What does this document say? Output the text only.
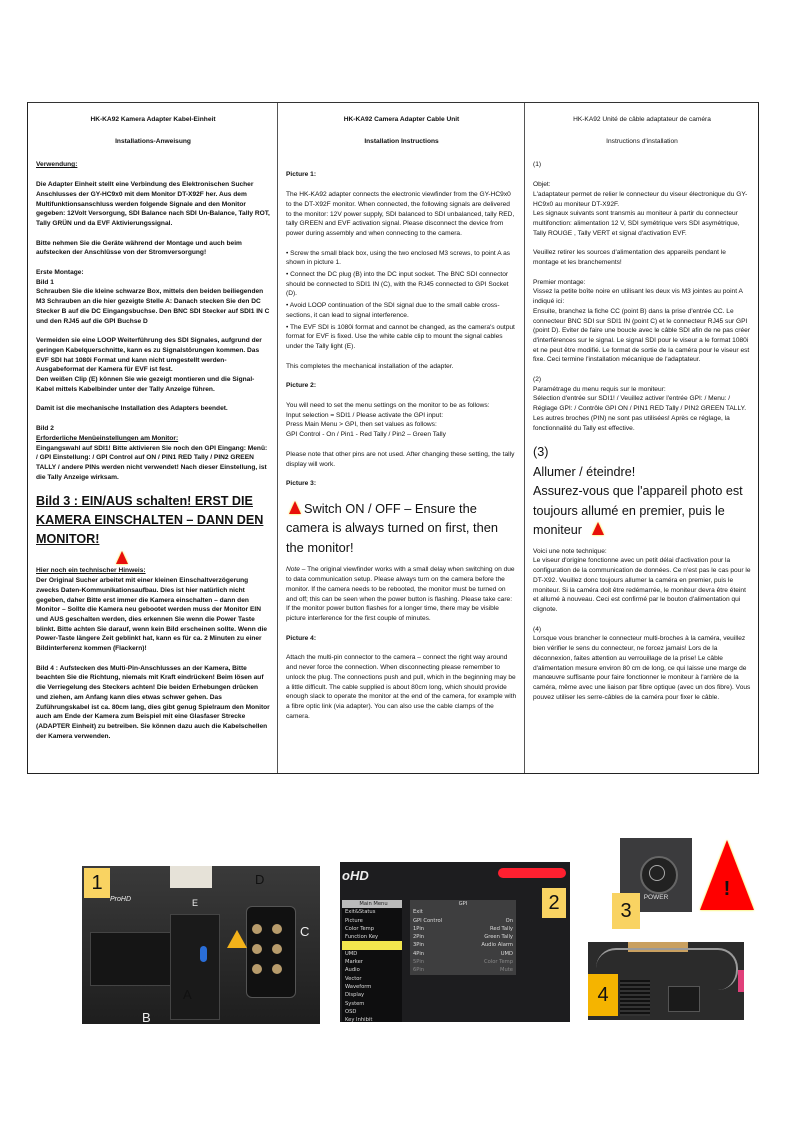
HK-KA92 Kamera Adapter Kabel-Einheit
Installations-Anweisung

Verwendung:

Die Adapter Einheit stellt eine Verbindung des Elektronischen Sucher Anschlusses der GY-HC9x0 mit dem Monitor DT-X92F her. Aus dem Multifunktionsanschluss werden folgende Signale and den Monitor gegeben: 12Volt Versorgung, SDI Balance nach SDI Un-Balance, Tally ROT, Tally GRÜN und da EVF Aktivierungssignal.

Bitte nehmen Sie die Geräte während der Montage und auch beim aufstecken der Anschlüsse von der Stromversorgung!

Erste Montage:
Bild 1

Schrauben Sie die kleine schwarze Box, mittels den beiden beiliegenden M3 Schrauben an die hier gezeigte Stelle A: Danach stecken Sie den DC Stecker B auf die DC Eingangsbuchse. Den BNC SDI Stecker auf SDI1 IN C und den RJ45 auf die GPI Buchse D

Vermeiden sie eine LOOP Weiterführung des SDI Signales, aufgrund der geringen Kabelquerschnitte, kann es zu Signalstörungen kommen. Das EVF SDI hat 1080i Format und kann nicht umgestellt werden-Ausgabeformat der Kamera für EVF ist fest.

Den weißen Clip (E) können Sie wie gezeigt montieren und die Signal-Kabel mittels Kabelbinder unter der Tally Anzeige führen.

Damit ist die mechanische Installation des Adapters beendet.

Bild 2
Erforderliche Menüeinstellungen am Monitor:

Eingangswahl auf SDI1! Bitte aktivieren Sie noch den GPI Eingang: Menü: / GPI Einstellung: / GPI Control auf ON / PIN1 RED Tally / PIN2 GREEN TALLY / andere PINs werden nicht verwendet! Nach dieser Einstellung, ist die Tally Anzeige wirksam.

Bild 3 : EIN/AUS schalten! ERST DIE KAMERA EINSCHALTEN – DANN DEN MONITOR!
Hier noch ein technischer Hinweis:

Der Original Sucher arbeitet mit einer kleinen Einschaltverzögerung zwecks Daten-Kommunikationsaufbau. Dies ist hier natürlich nicht gegeben, daher Bitte erst immer die Kamera einschalten – dann den Monitor – Sollte die Kamera neu gebootet werden muss der Monitor EIN und AUS geschalten werden, dies erkennen Sie wenn die Power Taste blinkt. Bitte achten Sie darauf, wenn kein Bild erscheinen sollte. Wenn die Power-Taste längere Zeit geblinkt hat, kann es für ca. 2 Minuten zu einer Bildinterferenz kommen (Flackern)!

Bild 4 : Aufstecken des Multi-Pin-Anschlusses an der Kamera, Bitte beachten Sie die Richtung, niemals mit Kraft eindrücken! Beim lösen auf die Verriegelung des Steckers achten! Die beiden Erhebungen drücken und ziehen, am Anfang kann dies etwas schwer gehen. Das Zuführungskabel ist ca. 80cm lang, dies gibt genug Spielraum den Monitor auch am Ende der Kamera zum Beispiel mit eine Glasfaser Strecke (ADAPTER Einheit) zu betreiben. Sie können dazu auch die Kabelschellen der Kamera verwenden.

HK-KA92 Camera Adapter Cable Unit
Installation Instructions
Picture 1:

The HK-KA92 adapter connects the electronic viewfinder from the GY-HC9x0 to the DT-X92F monitor. When connected, the following signals are delivered to the monitor: 12V power supply, SDI balanced to SDI unbalanced, tally RED, tally GREEN and EVF activation signal. Please disconnect the device from power during assembly and when connecting to the camera.

• Screw the small black box, using the two enclosed M3 screws, to point A as shown in picture 1.
• Connect the DC plug (B) into the DC input socket. The BNC SDI connector should be connected to SDI1 IN (C), with the RJ45 connected to GPI Socket (D).
• Avoid LOOP continuation of the SDI signal due to the small cable cross-sections, it can lead to signal interference.
• The EVF SDI is 1080i format and cannot be changed, as the camera's output format for EVF is fixed. Use the white cable clip to mount the signal cables under the Tally light (E).

This completes the mechanical installation of the adapter.

Picture 2:
You will need to set the menu settings on the monitor to be as follows:
Input selection = SDI1 / Please activate the GPI input:
Press Main Menu > GPI, then set values as follows:

GPI Control - On / Pin1 - Red Tally / Pin2 – Green Tally

Please note that other pins are not used. After changing these setting, the tally display will work.

Picture 3:
Switch ON / OFF – Ensure the camera is always turned on first, then the monitor!

Note – The original viewfinder works with a small delay when switching on due to data communication setup. Please always turn on the camera before the monitor. If the camera needs to be rebooted, the monitor must be turned on and off; this can be seen when the power button is flashing. Please take care: If the monitor power button flashes for a longer time, there may be visible picture interference for the first couple of minutes.

Picture 4:

Attach the multi-pin connector to the camera – connect the right way around and never force the connection. When disconnecting please remember to unlock the plug. The connections push and pull, which in the beginning may be a little difficult. The cable supplied is about 80cm long, which should provide enough slack to operate the monitor at the end of the camera, for example with a fibre optic link (via adapter). You can also use the cable clamps of the camera.

HK-KA92 Unité de câble adaptateur de caméra
Instructions d'installation

(1)

Objet:
L'adaptateur permet de relier le connecteur du viseur électronique du GY-HC9x0 au moniteur DT-X92F.

Les signaux suivants sont transmis au moniteur à partir du connecteur multifonction: alimentation 12 V, SDI symétrique vers SDI asymétrique, Tally ROUGE , Tally VERT et signal d'activation EVF.

Veuillez retirer les sources d'alimentation des appareils pendant le montage et les branchements!

Premier montage:
Vissez la petite boîte noire en utilisant les deux vis M3 jointes au point A indiqué ici:

Ensuite, branchez la fiche CC (point B) dans la prise d'entrée CC. Le connecteur BNC SDI sur SDI1 IN (point C) et le connecteur RJ45 sur GPI (point D). Eviter de faire une boucle avec le câble SDI afin de ne pas créer d'interférences sur le signal. Le signal SDI pour le viseur a le format 1080i et ne peut être modifié. Le format de sortie de la caméra pour le viseur est fixe. Ceci termine l'installation mécanique de l'adaptateur.

(2)
Paramétrage du menu requis sur le moniteur:

Sélection d'entrée sur SDI1! / Veuillez activer l'entrée GPI: / Menu: / Réglage GPI: / Contrôle GPI ON / PIN1 RED Tally / PIN2 GREEN TALLY. Les autres broches (PIN) ne sont pas utilisées! Après ce réglage, la fonctionnalité du Tally est effective.

(3)
Allumer / éteindre!
Assurez-vous que l'appareil photo est toujours allumé en premier, puis le moniteur
Voici une note technique:

Le viseur d'origine fonctionne avec un petit délai d'activation pour la configuration de la communication de données. Ce n'est pas le cas pour le DT-X92. Veuillez donc toujours allumer la caméra en premier, puis le moniteur. Si la caméra doit être redémarrée, le moniteur devra être éteint et allumé à nouveau. Ceci est confirmé par le bouton d'alimentation qui clignote.

(4)

Lorsque vous brancher le connecteur multi-broches à la caméra, veuillez bien vérifier le sens du connecteur, ne forcez jamais! Lors de la déconnexion, faites attention au verrouillage de la prise! Le câble d'alimentation mesure environ 80 cm de long, ce qui laisse une marge de manœuvre suffisante pour faire fonctionner le moniteur à l'arrière de la caméra, même avec une liaison par fibre optique (avec un dos fibre). Vous pouvez utiliser les serre-câbles de la caméra pour fixer le câble.

1
A
B
C
D
E
ProHD
oHD
2
Main Menu
Exit&Status
Picture
Color Temp
Function Key
GPI
UMD
Marker
Audio
Vector
Waveform
Display
System
OSD
Key Inhibit
GPI
Exit
GPI Control	On
1Pin	Red Tally
2Pin	Green Tally
3Pin	Audio Alarm
4Pin	UMD
5Pin	Color Temp
6Pin	Mute
POWER
3
!
4
